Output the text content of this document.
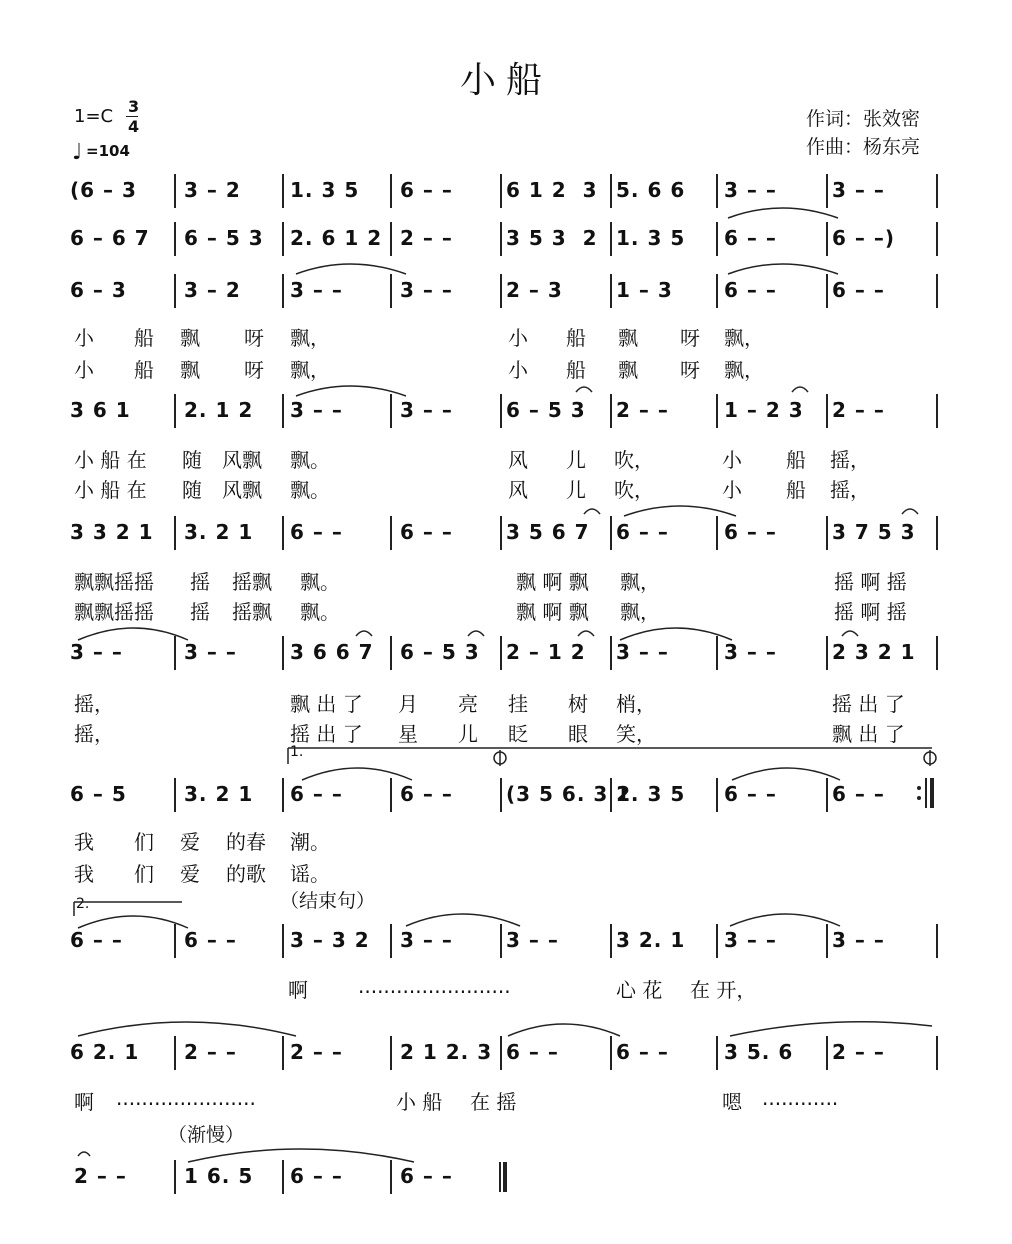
小船
1=C 3
4
♩ =104
作词：张效密
作曲：杨东亮
(6 – 3 3 – 2 1. 3 5 6 – –	6 1 2  3 5. 6 6 3 – –	3 – –
6 – 6 7 6 – 5 3 2. 6 1 2 2 – –	3 5 3  2 1. 3 5 6 – –	6 – –)
6 – 3	3 – 2 3 – –	3 – –	2 – 3	1 – 3	6 – –	6 – –
3 6 1	2. 1 2 3 – –	3 – –	6 – 5 3 2 – –	1 – 2 3 2 – –
3 3 2 1 3. 2 1 6 – –	6 – –	3 5 6 7 6 – –	6 – –	3 7 5 3
3 – –	3 – –	3 6 6 7 6 – 5 3 2 – 1 2 3 – –	3 – –	2 3 2 1
6 – 5	3. 2 1 6 – –	6 – –	(3 5 6. 3 2
1. 3 5 6 – –	6 – –
6 – –	6 – –	3 – 3 2 3 – –	3 – –	3 2. 1 3 – –	3 – –
6 2. 1 2 – –	2 – –	2 1 2. 3 6 – –	6 – –	3 5. 6 2 – –
2 – –	1 6. 5 6 – –	6 – –
小 船 飘 呀 飘，	小 船 飘 呀 飘，
小 船 飘 呀 飘，	小 船 飘 呀 飘，
小 船 在 随 风飘 飘。	风 儿 吹，	小 船 摇，
小 船 在 随 风飘 飘。	风 儿 吹，	小 船 摇，
飘飘摇摇 摇 摇飘 飘。	飘 啊 飘 飘，	摇 啊 摇
飘飘摇摇 摇 摇飘 飘。	飘 啊 飘 飘，	摇 啊 摇
摇，	飘 出 了 月 亮 挂 树 梢，	摇 出 了
摇，	摇 出 了 星 儿 眨 眼 笑，	飘 出 了
我 们 爱 的春 潮。
我 们 爱 的歌 谣。
啊	........................	心 花 在 开，
啊 ......................	小 船 在 摇	嗯 ............
1.
2.	（结束句）
（渐慢）
